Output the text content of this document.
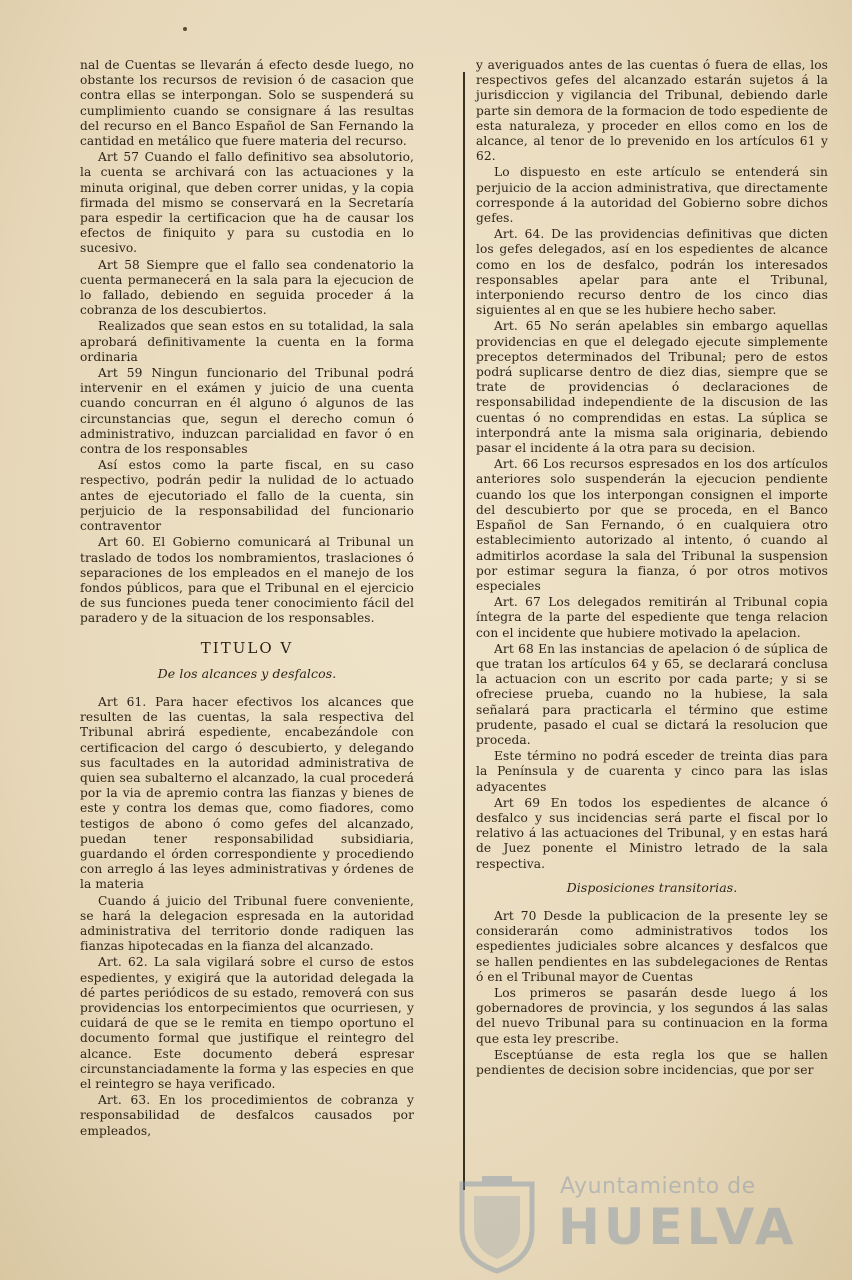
nal de Cuentas se llevarán á efecto desde luego, no obstante los recursos de revision ó de casacion que contra ellas se interpongan. Solo se suspenderá su cumplimiento cuando se consignare á las resultas del recurso en el Banco Español de San Fernando la cantidad en metálico que fuere materia del recurso.

Art 57 Cuando el fallo definitivo sea absolutorio, la cuenta se archivará con las actuaciones y la minuta original, que deben correr unidas, y la copia firmada del mismo se conservará en la Secretaría para espedir la certificacion que ha de causar los efectos de finiquito y para su custodia en lo sucesivo.

Art 58 Siempre que el fallo sea condenatorio la cuenta permanecerá en la sala para la ejecucion de lo fallado, debiendo en seguida proceder á la cobranza de los descubiertos.

Realizados que sean estos en su totalidad, la sala aprobará definitivamente la cuenta en la forma ordinaria

Art 59 Ningun funcionario del Tribunal podrá intervenir en el exámen y juicio de una cuenta cuando concurran en él alguno ó algunos de las circunstancias que, segun el derecho comun ó administrativo, induzcan parcialidad en favor ó en contra de los responsables

Así estos como la parte fiscal, en su caso respectivo, podrán pedir la nulidad de lo actuado antes de ejecutoriado el fallo de la cuenta, sin perjuicio de la responsabilidad del funcionario contraventor

Art 60. El Gobierno comunicará al Tribunal un traslado de todos los nombramientos, traslaciones ó separaciones de los empleados en el manejo de los fondos públicos, para que el Tribunal en el ejercicio de sus funciones pueda tener conocimiento fácil del paradero y de la situacion de los responsables.

TITULO V
De los alcances y desfalcos.

Art 61. Para hacer efectivos los alcances que resulten de las cuentas, la sala respectiva del Tribunal abrirá espediente, encabezándole con certificacion del cargo ó descubierto, y delegando sus facultades en la autoridad administrativa de quien sea subalterno el alcanzado, la cual procederá por la via de apremio contra las fianzas y bienes de este y contra los demas que, como fiadores, como testigos de abono ó como gefes del alcanzado, puedan tener responsabilidad subsidiaria, guardando el órden correspondiente y procediendo con arreglo á las leyes administrativas y órdenes de la materia

Cuando á juicio del Tribunal fuere conveniente, se hará la delegacion espresada en la autoridad administrativa del territorio donde radiquen las fianzas hipotecadas en la fianza del alcanzado.

Art. 62. La sala vigilará sobre el curso de estos espedientes, y exigirá que la autoridad delegada la dé partes periódicos de su estado, removerá con sus providencias los entorpecimientos que ocurriesen, y cuidará de que se le remita en tiempo oportuno el documento formal que justifique el reintegro del alcance. Este documento deberá espresar circunstanciadamente la forma y las especies en que el reintegro se haya verificado.

Art. 63. En los procedimientos de cobranza y responsabilidad de desfalcos causados por empleados,

y averiguados antes de las cuentas ó fuera de ellas, los respectivos gefes del alcanzado estarán sujetos á la jurisdiccion y vigilancia del Tribunal, debiendo darle parte sin demora de la formacion de todo espediente de esta naturaleza, y proceder en ellos como en los de alcance, al tenor de lo prevenido en los artículos 61 y 62.

Lo dispuesto en este artículo se entenderá sin perjuicio de la accion administrativa, que directamente corresponde á la autoridad del Gobierno sobre dichos gefes.

Art. 64. De las providencias definitivas que dicten los gefes delegados, así en los espedientes de alcance como en los de desfalco, podrán los interesados responsables apelar para ante el Tribunal, interponiendo recurso dentro de los cinco dias siguientes al en que se les hubiere hecho saber.

Art. 65 No serán apelables sin embargo aquellas providencias en que el delegado ejecute simplemente preceptos determinados del Tribunal; pero de estos podrá suplicarse dentro de diez dias, siempre que se trate de providencias ó declaraciones de responsabilidad independiente de la discusion de las cuentas ó no comprendidas en estas. La súplica se interpondrá ante la misma sala originaria, debiendo pasar el incidente á la otra para su decision.

Art. 66 Los recursos espresados en los dos artículos anteriores solo suspenderán la ejecucion pendiente cuando los que los interpongan consignen el importe del descubierto por que se proceda, en el Banco Español de San Fernando, ó en cualquiera otro establecimiento autorizado al intento, ó cuando al admitirlos acordase la sala del Tribunal la suspension por estimar segura la fianza, ó por otros motivos especiales

Art. 67 Los delegados remitirán al Tribunal copia íntegra de la parte del espediente que tenga relacion con el incidente que hubiere motivado la apelacion.

Art 68 En las instancias de apelacion ó de súplica de que tratan los artículos 64 y 65, se declarará conclusa la actuacion con un escrito por cada parte; y si se ofreciese prueba, cuando no la hubiese, la sala señalará para practicarla el término que estime prudente, pasado el cual se dictará la resolucion que proceda.

Este término no podrá esceder de treinta dias para la Península y de cuarenta y cinco para las islas adyacentes

Art 69 En todos los espedientes de alcance ó desfalco y sus incidencias será parte el fiscal por lo relativo á las actuaciones del Tribunal, y en estas hará de Juez ponente el Ministro letrado de la sala respectiva.

Disposiciones transitorias.

Art 70 Desde la publicacion de la presente ley se considerarán como administrativos todos los espedientes judiciales sobre alcances y desfalcos que se hallen pendientes en las subdelegaciones de Rentas ó en el Tribunal mayor de Cuentas

Los primeros se pasarán desde luego á los gobernadores de provincia, y los segundos á las salas del nuevo Tribunal para su continuacion en la forma que esta ley prescribe.

Esceptúanse de esta regla los que se hallen pendientes de decision sobre incidencias, que por ser

Ayuntamiento de
HUELVA
